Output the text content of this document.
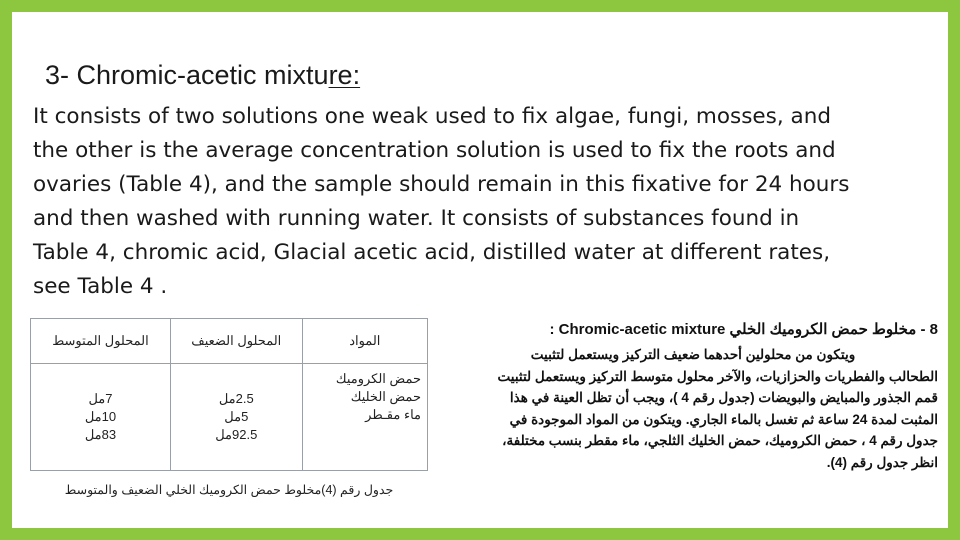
3- Chromic-acetic mixture:

It consists of two solutions one weak used to fix algae, fungi, mosses, and
the other is the average concentration solution is used to fix the roots and
ovaries (Table 4), and the sample should remain in this fixative for 24 hours
and then washed with running water. It consists of substances found in
Table 4, chromic acid, Glacial acetic acid, distilled water at different rates,
see Table 4 .

المحلول المتوسط	المحلول الضعيف	المواد

7مل
10مل
83مل	2.5مل
5مل
92.5مل	حمض الكروميك
حمض الخليك
ماء مقـطر
جدول رقم (4)مخلوط حمض الكروميك الخلي الضعيف والمتوسط

8 - مخلوط حمض الكروميك الخلي Chromic-acetic mixture :

ويتكون من محلولين أحدهما ضعيف التركيز ويستعمل لتثبيت
الطحالب والفطريات والحزازيات، والآخر محلول متوسط التركيز ويستعمل لتثبيت
قمم الجذور والمبايض والبويضات (جدول رقم 4 )، ويجب أن تظل العينة في هذا
المثبت لمدة 24 ساعة ثم تغسل بالماء الجاري. ويتكون من المواد الموجودة في
جدول رقم 4 ، حمض الكروميك، حمض الخليك الثلجي، ماء مقطر بنسب مختلفة،
انظر جدول رقم (4).
